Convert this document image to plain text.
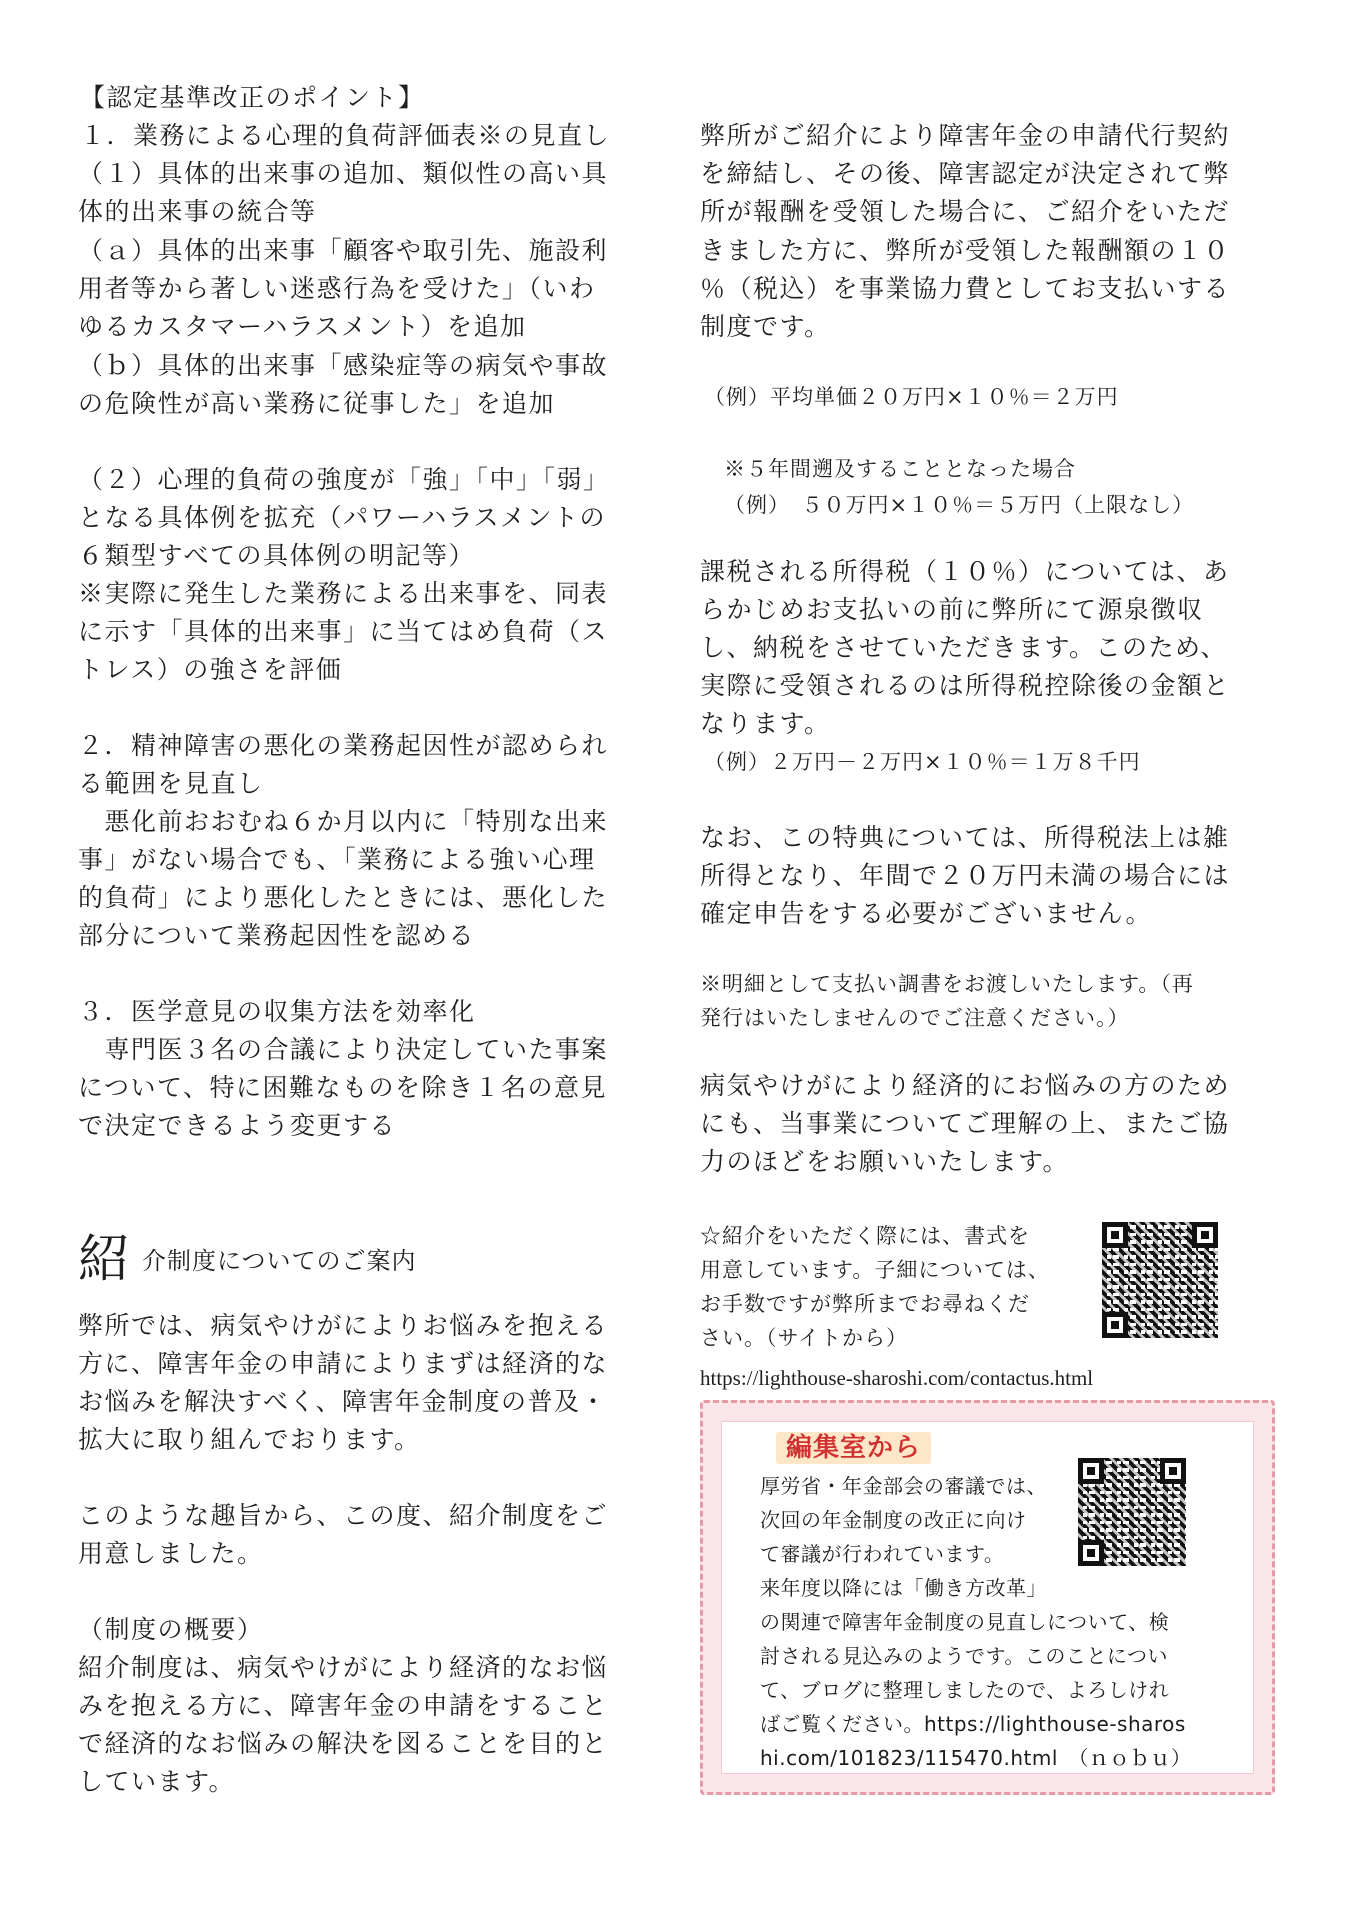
【認定基準改正のポイント】
１．業務による心理的負荷評価表※の見直し
（１）具体的出来事の追加、類似性の高い具
体的出来事の統合等
（ａ）具体的出来事「顧客や取引先、施設利
用者等から著しい迷惑行為を受けた」（いわ
ゆるカスタマーハラスメント）を追加
（ｂ）具体的出来事「感染症等の病気や事故
の危険性が高い業務に従事した」を追加
（２）心理的負荷の強度が「強」「中」「弱」
となる具体例を拡充（パワーハラスメントの
６類型すべての具体例の明記等）
※実際に発生した業務による出来事を、同表
に示す「具体的出来事」に当てはめ負荷（ス
トレス）の強さを評価
２．精神障害の悪化の業務起因性が認められ
る範囲を見直し
　悪化前おおむね６か月以内に「特別な出来
事」がない場合でも、「業務による強い心理
的負荷」により悪化したときには、悪化した
部分について業務起因性を認める
３．医学意見の収集方法を効率化
　専門医３名の合議により決定していた事案
について、特に困難なものを除き１名の意見
で決定できるよう変更する
紹 介制度についてのご案内
弊所では、病気やけがによりお悩みを抱える
方に、障害年金の申請によりまずは経済的な
お悩みを解決すべく、障害年金制度の普及・
拡大に取り組んでおります。
このような趣旨から、この度、紹介制度をご
用意しました。
（制度の概要）
紹介制度は、病気やけがにより経済的なお悩
みを抱える方に、障害年金の申請をすること
で経済的なお悩みの解決を図ることを目的と
しています。
弊所がご紹介により障害年金の申請代行契約
を締結し、その後、障害認定が決定されて弊
所が報酬を受領した場合に、ご紹介をいただ
きました方に、弊所が受領した報酬額の１０
％（税込）を事業協力費としてお支払いする
制度です。
（例）平均単価２０万円×１０％＝２万円
※５年間遡及することとなった場合
（例）　５０万円×１０％＝５万円（上限なし）
課税される所得税（１０％）については、あ
らかじめお支払いの前に弊所にて源泉徴収
し、納税をさせていただきます。このため、
実際に受領されるのは所得税控除後の金額と
なります。
（例）２万円－２万円×１０％＝１万８千円
なお、この特典については、所得税法上は雑
所得となり、年間で２０万円未満の場合には
確定申告をする必要がございません。
※明細として支払い調書をお渡しいたします。（再
発行はいたしませんのでご注意ください。）
病気やけがにより経済的にお悩みの方のため
にも、当事業についてご理解の上、またご協
力のほどをお願いいたします。
☆紹介をいただく際には、書式を
用意しています。子細については、
お手数ですが弊所までお尋ねくだ
さい。（サイトから）
https://lighthouse-sharoshi.com/contactus.html
編集室から
厚労省・年金部会の審議では、
次回の年金制度の改正に向け
て審議が行われています。
来年度以降には「働き方改革」
の関連で障害年金制度の見直しについて、検
討される見込みのようです。このことについ
て、ブログに整理しましたので、よろしけれ
ばご覧ください。https://lighthouse-sharos
hi.com/101823/115470.html　（ｎｏｂｕ）
